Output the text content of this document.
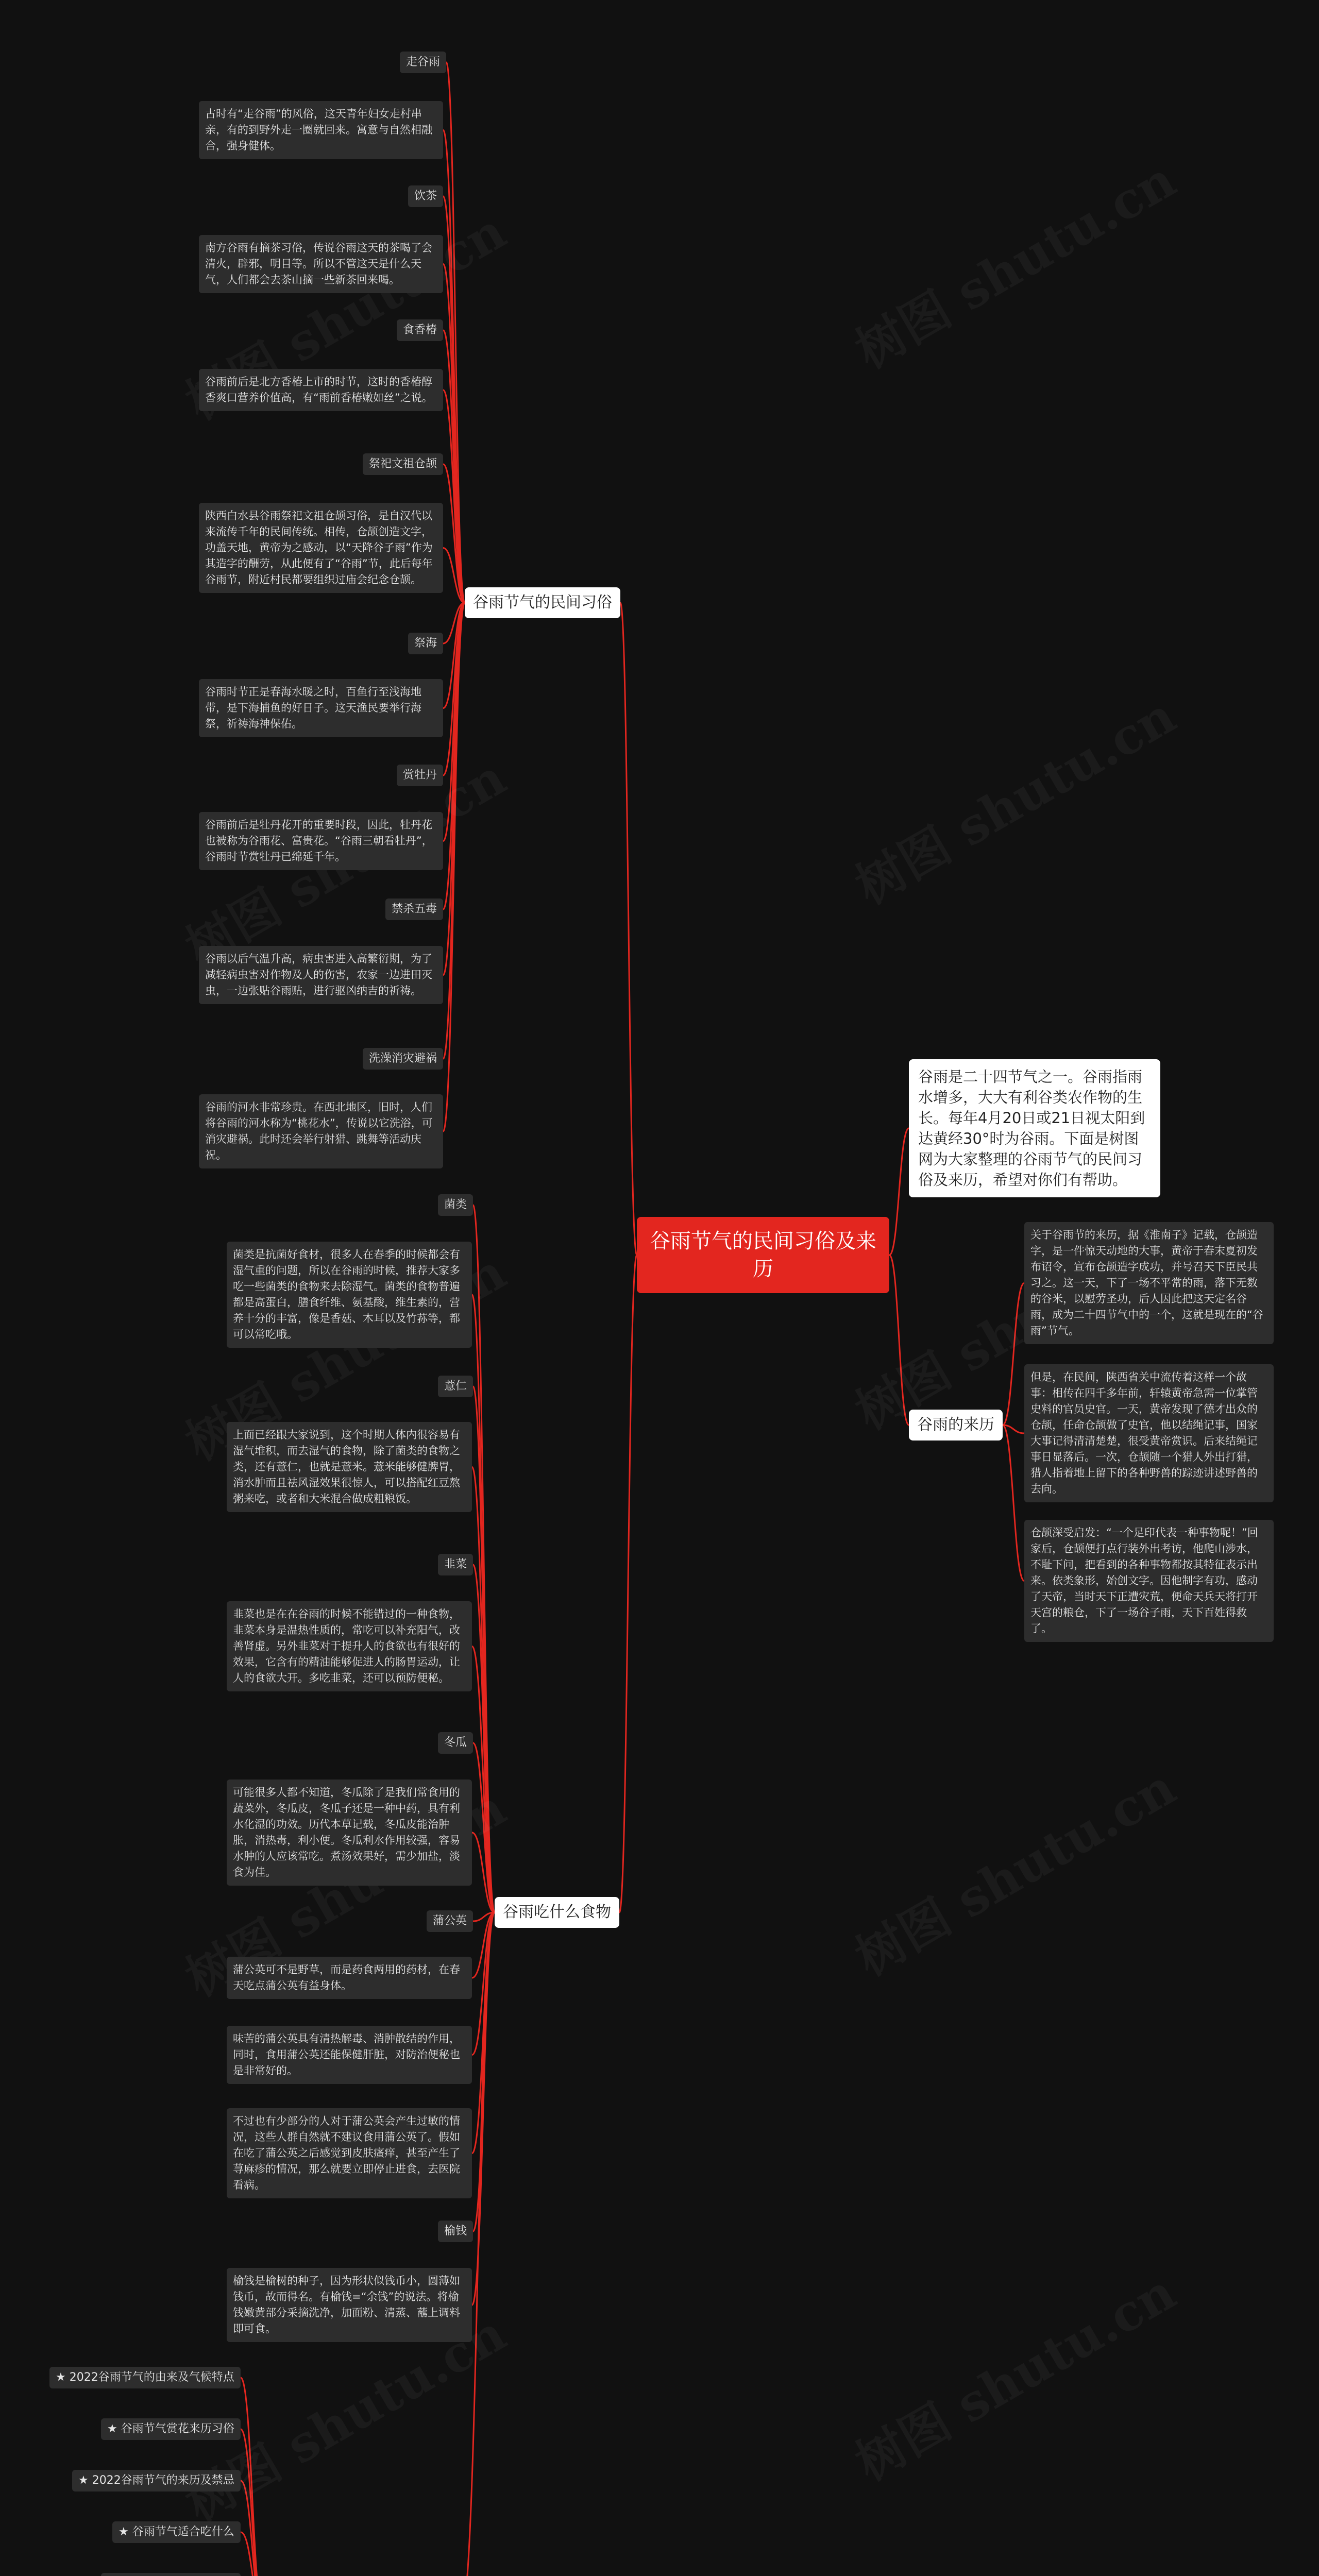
谷雨节气的民间习俗及来历
谷雨是二十四节气之一。谷雨指雨水增多，大大有利谷类农作物的生长。每年4月20日或21日视太阳到达黄经30°时为谷雨。下面是树图网为大家整理的谷雨节气的民间习俗及来历，希望对你们有帮助。
谷雨的来历
关于谷雨节的来历，据《淮南子》记载，仓颉造字，是一件惊天动地的大事，黄帝于春末夏初发布诏令，宣布仓颉造字成功，并号召天下臣民共习之。这一天，下了一场不平常的雨，落下无数的谷米，以慰劳圣功，后人因此把这天定名谷雨，成为二十四节气中的一个，这就是现在的“谷雨”节气。
但是，在民间，陕西省关中流传着这样一个故事：相传在四千多年前，轩辕黄帝急需一位掌管史料的官员史官。一天，黄帝发现了德才出众的仓颉，任命仓颉做了史官，他以结绳记事，国家大事记得清清楚楚，很受黄帝赏识。后来结绳记事日显落后。一次，仓颉随一个猎人外出打猎，猎人指着地上留下的各种野兽的踪迹讲述野兽的去向。
仓颉深受启发：“一个足印代表一种事物呢！”回家后，仓颉便打点行装外出考访，他爬山涉水，不耻下问，把看到的各种事物都按其特征表示出来。依类象形，始创文字。因他制字有功，感动了天帝，当时天下正遭灾荒，便命天兵天将打开天宫的粮仓，下了一场谷子雨，天下百姓得救了。
谷雨节气的民间习俗
走谷雨
古时有“走谷雨”的风俗，这天青年妇女走村串亲，有的到野外走一圈就回来。寓意与自然相融合，强身健体。
饮茶
南方谷雨有摘茶习俗，传说谷雨这天的茶喝了会清火，辟邪，明目等。所以不管这天是什么天气，人们都会去茶山摘一些新茶回来喝。
食香椿
谷雨前后是北方香椿上市的时节，这时的香椿醇香爽口营养价值高，有“雨前香椿嫩如丝”之说。
祭祀文祖仓颉
陕西白水县谷雨祭祀文祖仓颉习俗，是自汉代以来流传千年的民间传统。相传，仓颉创造文字，功盖天地，黄帝为之感动，以“天降谷子雨”作为其造字的酬劳，从此便有了“谷雨”节，此后每年谷雨节，附近村民都要组织过庙会纪念仓颉。
祭海
谷雨时节正是春海水暖之时，百鱼行至浅海地带，是下海捕鱼的好日子。这天渔民要举行海祭，祈祷海神保佑。
赏牡丹
谷雨前后是牡丹花开的重要时段，因此，牡丹花也被称为谷雨花、富贵花。“谷雨三朝看牡丹”，谷雨时节赏牡丹已绵延千年。
禁杀五毒
谷雨以后气温升高，病虫害进入高繁衍期，为了减轻病虫害对作物及人的伤害，农家一边进田灭虫，一边张贴谷雨贴，进行驱凶纳吉的祈祷。
洗澡消灾避祸
谷雨的河水非常珍贵。在西北地区，旧时，人们将谷雨的河水称为“桃花水”，传说以它洗浴，可消灾避祸。此时还会举行射猎、跳舞等活动庆祝。
谷雨吃什么食物
菌类
菌类是抗菌好食材，很多人在春季的时候都会有湿气重的问题，所以在谷雨的时候，推荐大家多吃一些菌类的食物来去除湿气。菌类的食物普遍都是高蛋白，膳食纤维、氨基酸，维生素的，营养十分的丰富，像是香菇、木耳以及竹荪等，都可以常吃哦。
薏仁
上面已经跟大家说到，这个时期人体内很容易有湿气堆积，而去湿气的食物，除了菌类的食物之类，还有薏仁，也就是薏米。薏米能够健脾胃，消水肿而且祛风湿效果很惊人，可以搭配红豆熬粥来吃，或者和大米混合做成粗粮饭。
韭菜
韭菜也是在在谷雨的时候不能错过的一种食物，韭菜本身是温热性质的，常吃可以补充阳气，改善肾虚。另外韭菜对于提升人的食欲也有很好的效果，它含有的精油能够促进人的肠胃运动，让人的食欲大开。多吃韭菜，还可以预防便秘。
冬瓜
可能很多人都不知道，冬瓜除了是我们常食用的蔬菜外，冬瓜皮，冬瓜子还是一种中药，具有利水化湿的功效。历代本草记载，冬瓜皮能治肿胀，消热毒，利小便。冬瓜利水作用较强，容易水肿的人应该常吃。煮汤效果好，需少加盐，淡食为佳。
蒲公英
蒲公英可不是野草，而是药食两用的药材，在春天吃点蒲公英有益身体。
味苦的蒲公英具有清热解毒、消肿散结的作用，同时，食用蒲公英还能保健肝脏，对防治便秘也是非常好的。
不过也有少部分的人对于蒲公英会产生过敏的情况，这些人群自然就不建议食用蒲公英了。假如在吃了蒲公英之后感觉到皮肤瘙痒，甚至产生了荨麻疹的情况，那么就要立即停止进食，去医院看病。
榆钱
榆钱是榆树的种子，因为形状似钱币小，圆薄如钱币，故而得名。有榆钱=“余钱”的说法。将榆钱嫩黄部分采摘洗净，加面粉、清蒸、蘸上调料即可食。
★ 2022谷雨节气的由来及气候特点
★ 谷雨节气赏花来历习俗
★ 2022谷雨节气的来历及禁忌
★ 谷雨节气适合吃什么
